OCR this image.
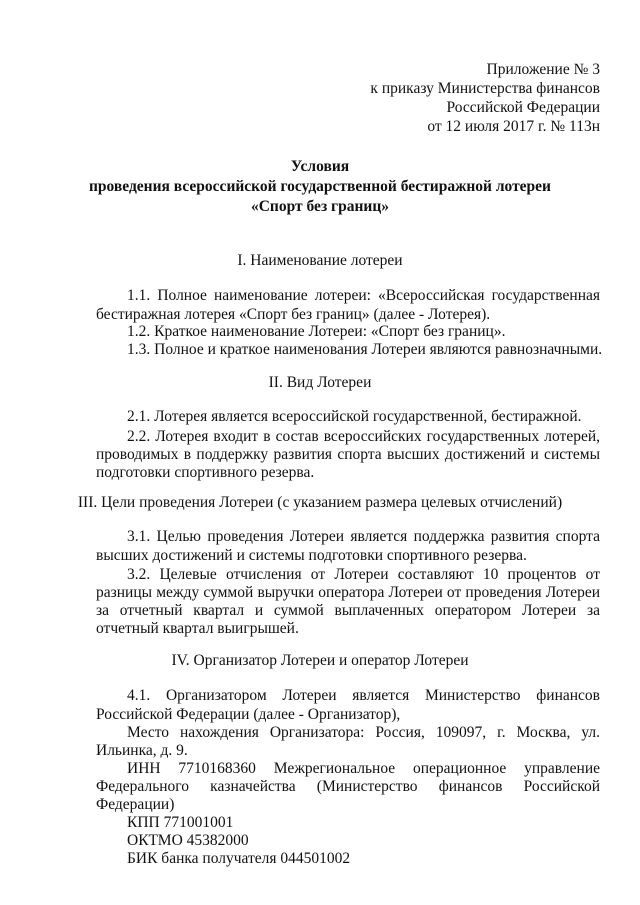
Приложение № 3
к приказу Министерства финансов
Российской Федерации
от 12 июля 2017 г. № 113н
Условия
проведения всероссийской государственной бестиражной лотереи
«Спорт без границ»
I. Наименование лотереи
1.1. Полное наименование лотереи: «Всероссийская государственная
бестиражная лотерея «Спорт без границ» (далее - Лотерея).
1.2. Краткое наименование Лотереи: «Спорт без границ».
1.3. Полное и краткое наименования Лотереи являются равнозначными.
II. Вид Лотереи
2.1. Лотерея является всероссийской государственной, бестиражной.
2.2. Лотерея входит в состав всероссийских государственных лотерей,
проводимых в поддержку развития спорта высших достижений и системы
подготовки спортивного резерва.
III. Цели проведения Лотереи (с указанием размера целевых отчислений)
3.1. Целью проведения Лотереи является поддержка развития спорта
высших достижений и системы подготовки спортивного резерва.
3.2. Целевые отчисления от Лотереи составляют 10 процентов от
разницы между суммой выручки оператора Лотереи от проведения Лотереи
за отчетный квартал и суммой выплаченных оператором Лотереи за
отчетный квартал выигрышей.
IV. Организатор Лотереи и оператор Лотереи
4.1. Организатором Лотереи является Министерство финансов
Российской Федерации (далее - Организатор),
Место нахождения Организатора: Россия, 109097, г. Москва, ул.
Ильинка, д. 9.
ИНН 7710168360 Межрегиональное операционное управление
Федерального казначейства (Министерство финансов Российской
Федерации)
КПП 771001001
ОКТМО 45382000
БИК банка получателя 044501002
